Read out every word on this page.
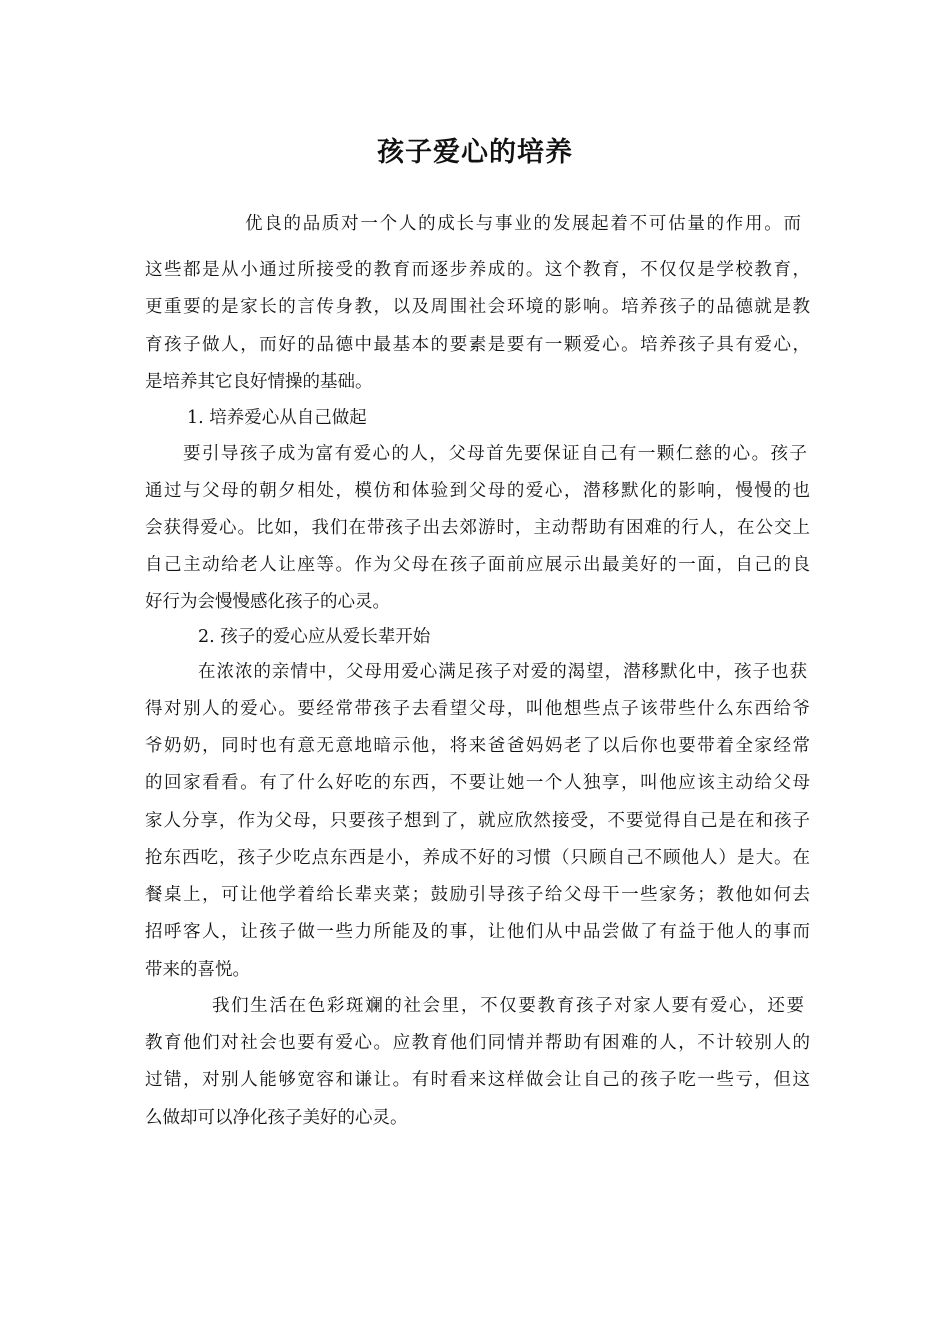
孩子爱心的培养
优良的品质对一个人的成长与事业的发展起着不可估量的作用。而
这些都是从小通过所接受的教育而逐步养成的。这个教育，不仅仅是学校教育，
更重要的是家长的言传身教，以及周围社会环境的影响。培养孩子的品德就是教
育孩子做人，而好的品德中最基本的要素是要有一颗爱心。培养孩子具有爱心，
是培养其它良好情操的基础。
1. 培养爱心从自己做起
要引导孩子成为富有爱心的人，父母首先要保证自己有一颗仁慈的心。孩子
通过与父母的朝夕相处，模仿和体验到父母的爱心，潜移默化的影响，慢慢的也
会获得爱心。比如，我们在带孩子出去郊游时，主动帮助有困难的行人，在公交上
自己主动给老人让座等。作为父母在孩子面前应展示出最美好的一面，自己的良
好行为会慢慢感化孩子的心灵。
2. 孩子的爱心应从爱长辈开始
在浓浓的亲情中，父母用爱心满足孩子对爱的渴望，潜移默化中，孩子也获
得对别人的爱心。要经常带孩子去看望父母，叫他想些点子该带些什么东西给爷
爷奶奶，同时也有意无意地暗示他，将来爸爸妈妈老了以后你也要带着全家经常
的回家看看。有了什么好吃的东西，不要让她一个人独享，叫他应该主动给父母
家人分享，作为父母，只要孩子想到了，就应欣然接受，不要觉得自己是在和孩子
抢东西吃，孩子少吃点东西是小，养成不好的习惯（只顾自己不顾他人）是大。在
餐桌上，可让他学着给长辈夹菜；鼓励引导孩子给父母干一些家务；教他如何去
招呼客人，让孩子做一些力所能及的事，让他们从中品尝做了有益于他人的事而
带来的喜悦。
我们生活在色彩斑斓的社会里，不仅要教育孩子对家人要有爱心，还要
教育他们对社会也要有爱心。应教育他们同情并帮助有困难的人，不计较别人的
过错，对别人能够宽容和谦让。有时看来这样做会让自己的孩子吃一些亏，但这
么做却可以净化孩子美好的心灵。
